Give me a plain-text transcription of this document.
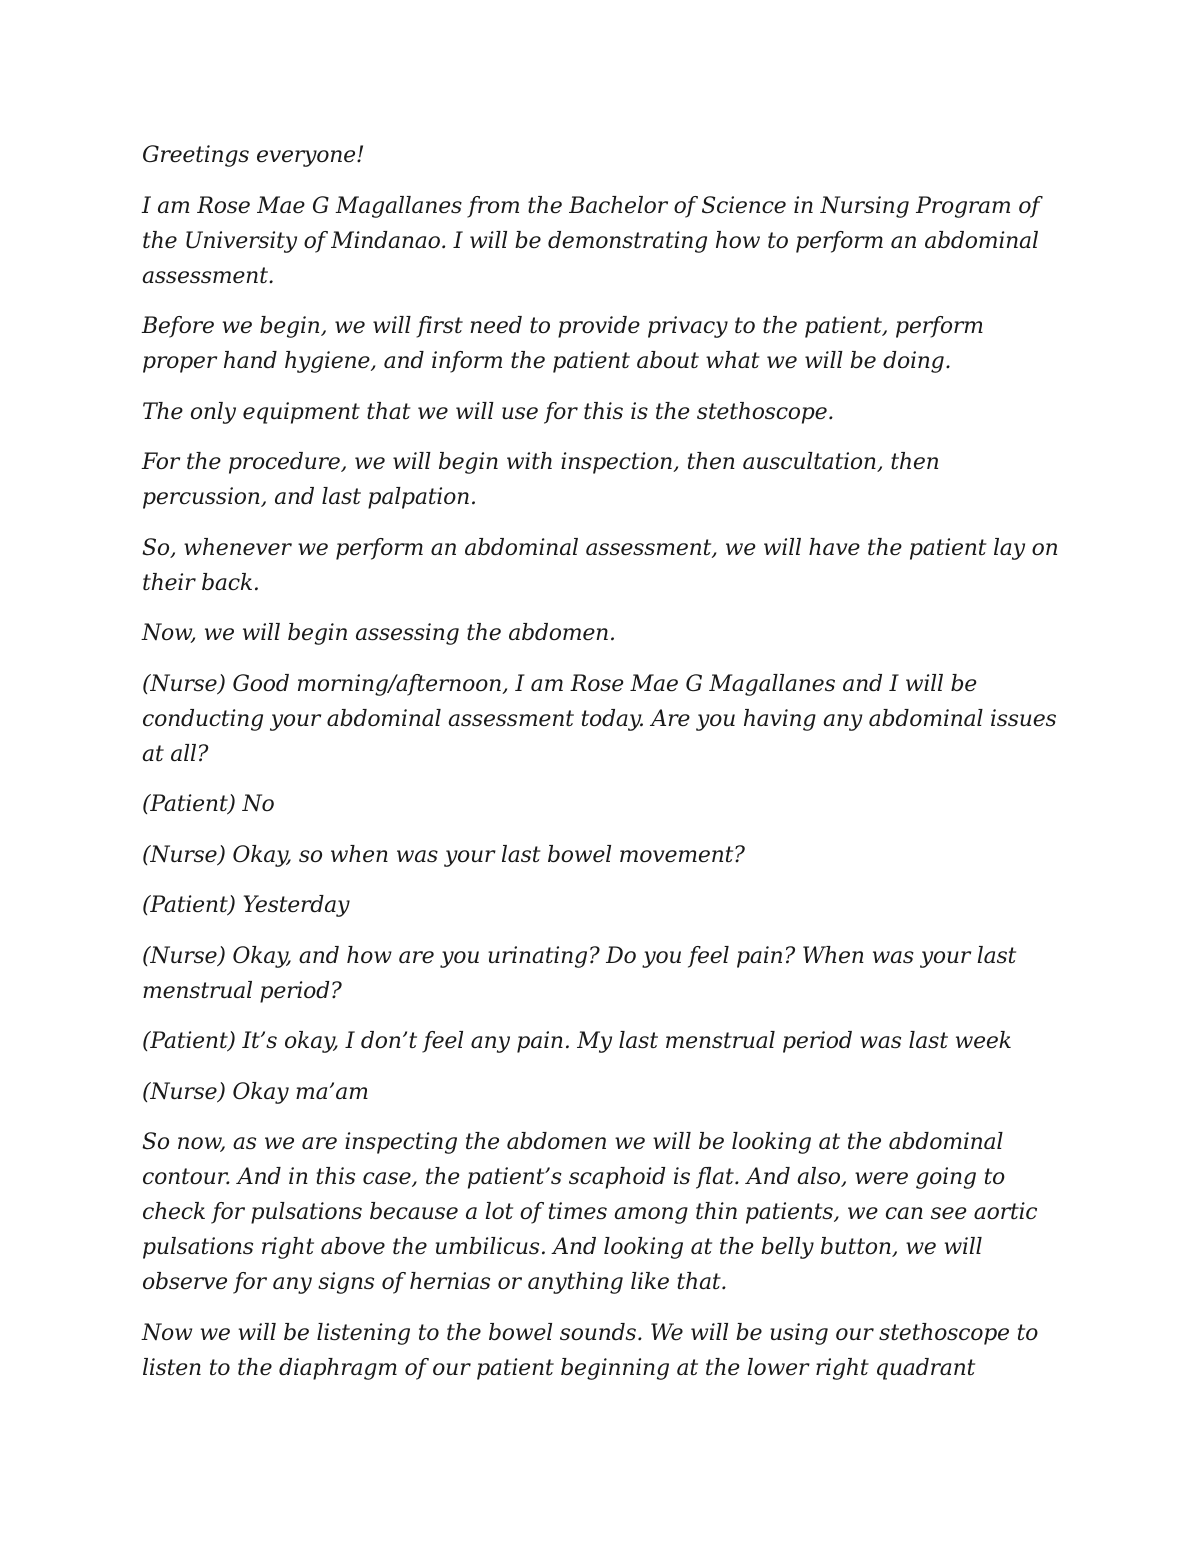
Greetings everyone!

I am Rose Mae G Magallanes from the Bachelor of Science in Nursing Program of the University of Mindanao. I will be demonstrating how to perform an abdominal assessment.

Before we begin, we will first need to provide privacy to the patient, perform proper hand hygiene, and inform the patient about what we will be doing.

The only equipment that we will use for this is the stethoscope.

For the procedure, we will begin with inspection, then auscultation, then percussion, and last palpation.

So, whenever we perform an abdominal assessment, we will have the patient lay on their back.

Now, we will begin assessing the abdomen.

(Nurse) Good morning/afternoon, I am Rose Mae G Magallanes and I will be conducting your abdominal assessment today. Are you having any abdominal issues at all?

(Patient) No

(Nurse) Okay, so when was your last bowel movement?

(Patient) Yesterday

(Nurse) Okay, and how are you urinating? Do you feel pain? When was your last menstrual period?

(Patient) It’s okay, I don’t feel any pain. My last menstrual period was last week

(Nurse) Okay ma’am

So now, as we are inspecting the abdomen we will be looking at the abdominal contour. And in this case, the patient’s scaphoid is flat. And also, were going to check for pulsations because a lot of times among thin patients, we can see aortic pulsations right above the umbilicus. And looking at the belly button, we will observe for any signs of hernias or anything like that.

Now we will be listening to the bowel sounds. We will be using our stethoscope to listen to the diaphragm of our patient beginning at the lower right quadrant
